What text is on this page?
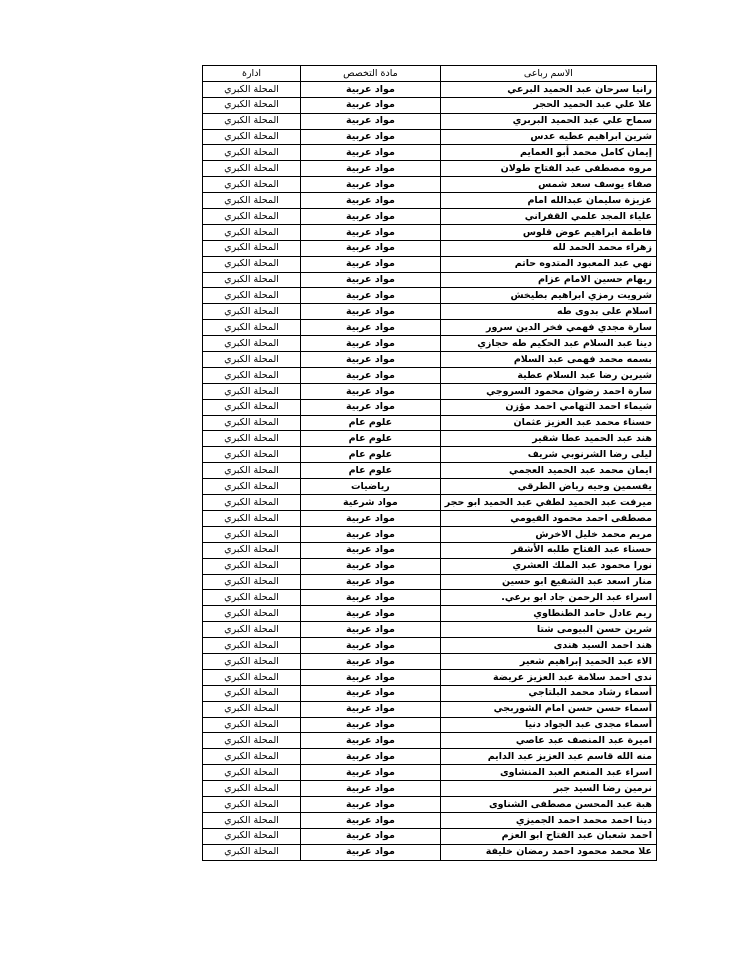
الاسم رباعى	مادة التخصص	ادارة
رانيا سرحان عبد الحميد البرعي	مواد عربية	المحلة الكبري
علا علي عبد الحميد الحجر	مواد عربية	المحلة الكبري
سماح علي عبد الحميد البربري	مواد عربية	المحلة الكبري
شرين ابراهيم عطيه عدس	مواد عربية	المحلة الكبري
إيمان كامل محمد أبو العمايم	مواد عربية	المحلة الكبري
مروه مصطفى عبد الفتاح طولان	مواد عربية	المحلة الكبري
صفاء يوسف سعد شمس	مواد عربية	المحلة الكبري
عزيزة سليمان عبدالله امام	مواد عربية	المحلة الكبري
علياء المجد علمي القفراني	مواد عربية	المحلة الكبري
فاطمة ابراهيم عوض قلوس	مواد عربية	المحلة الكبري
زهراء محمد الحمد لله	مواد عربية	المحلة الكبري
نهي عبد المعبود المتدوه حاتم	مواد عربية	المحلة الكبري
ريهام حسين الامام عزام	مواد عربية	المحلة الكبري
شرويت رمزي ابراهيم بطيخش	مواد عربية	المحلة الكبري
اسلام على بدوى طه	مواد عربية	المحلة الكبري
سارة مجدي فهمي فخر الدين سرور	مواد عربية	المحلة الكبري
دينا عبد السلام عبد الحكيم طه حجازي	مواد عربية	المحلة الكبري
بسمه محمد فهمى عبد السلام	مواد عربية	المحلة الكبري
شيرين رضا عبد السلام عطية	مواد عربية	المحلة الكبري
سارة احمد رضوان محمود السروجي	مواد عربية	المحلة الكبري
شيماء احمد التهامي احمد مؤزن	مواد عربية	المحلة الكبري
حسناء محمد عبد العزيز عثمان	علوم عام	المحلة الكبري
هند عبد الحميد عطا شقير	علوم عام	المحلة الكبري
ليلى رضا الشرنوبي شريف	علوم عام	المحلة الكبري
ايمان محمد عبد الحميد العجمي	علوم عام	المحلة الكبري
يفسمين وجيه رياض الطرقي	رياضيات	المحلة الكبري
ميرفت عبد الحميد لطفي عبد الحميد ابو حجر	مواد شرعية	المحلة الكبري
مصطفى احمد محمود الفيومي	مواد عربية	المحلة الكبري
مريم محمد خليل الاخرش	مواد عربية	المحلة الكبري
حسناء عبد الفتاح طلبه الأشقر	مواد عربية	المحلة الكبري
نورا محمود عبد الملك العشري	مواد عربية	المحلة الكبري
منار اسعد عبد الشفيع ابو حسين	مواد عربية	المحلة الكبري
اسراء عبد الرحمن جاد ابو برعي.	مواد عربية	المحلة الكبري
ريم عادل حامد الطنطاوي	مواد عربية	المحلة الكبري
شرين حسن البيومى شتا	مواد عربية	المحلة الكبري
هند احمد السيد هندى	مواد عربية	المحلة الكبري
الاء عبد الحميد إبراهيم شعير	مواد عربية	المحلة الكبري
ندى احمد سلامة عبد العزيز عريضة	مواد عربية	المحلة الكبري
أسماء رشاد محمد البلتاجي	مواد عربية	المحلة الكبري
أسماء حسن حسن امام الشوربجي	مواد عربية	المحلة الكبري
أسماء مجدى عبد الجواد دنيا	مواد عربية	المحلة الكبري
اميرة عبد المنصف عبد عاصي	مواد عربية	المحلة الكبري
منه الله قاسم عبد العزيز عبد الدايم	مواد عربية	المحلة الكبري
اسراء عبد المنعم العبد المنشاوى	مواد عربية	المحلة الكبري
نرمين رضا السيد جبر	مواد عربية	المحلة الكبري
هبة عبد المحسن مصطفى الشناوى	مواد عربية	المحلة الكبري
دينا احمد محمد احمد الجميزي	مواد عربية	المحلة الكبري
احمد شعبان عبد الفتاح ابو العزم	مواد عربية	المحلة الكبري
علا محمد محمود احمد رمضان خليفة	مواد عربية	المحلة الكبري
